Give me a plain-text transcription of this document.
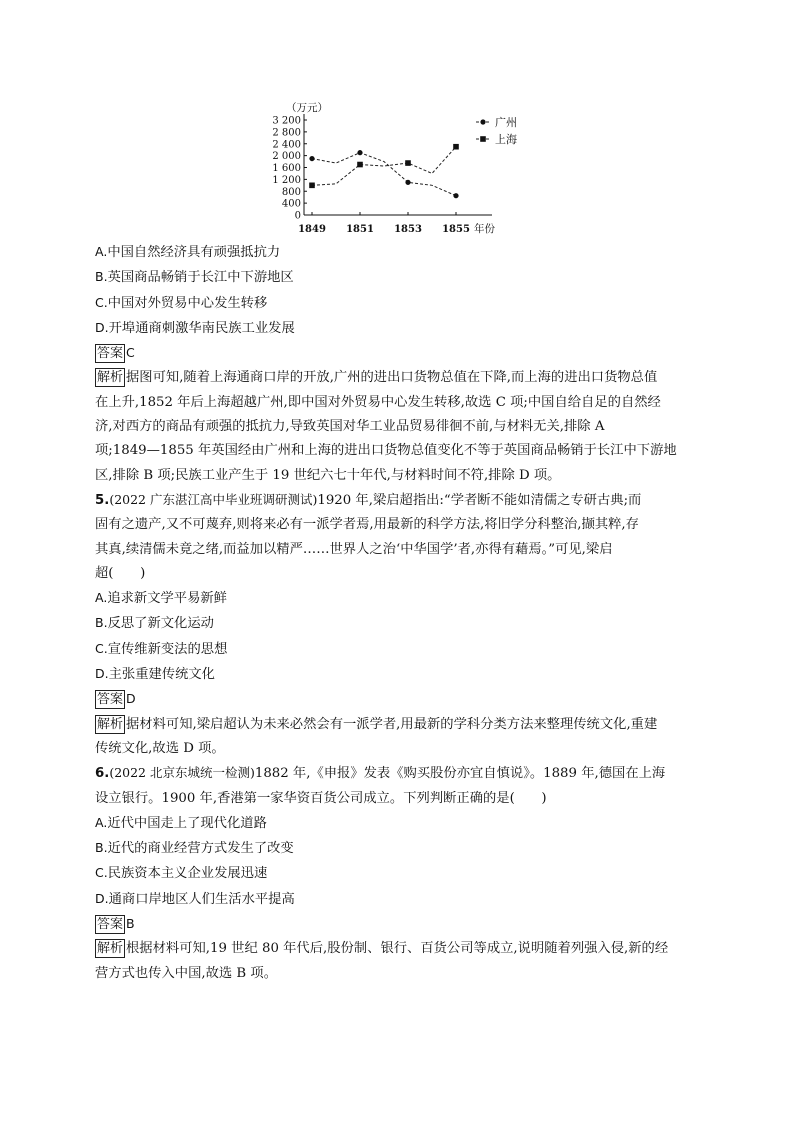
（万元）
0
400
800
1 200
1 600
2 000
2 400
2 800
3 200
1849 1851 1853 1855 年份
广州
上海
A.中国自然经济具有顽强抵抗力
B.英国商品畅销于长江中下游地区
C.中国对外贸易中心发生转移
D.开埠通商刺激华南民族工业发展
答案 C
解析 据图可知,随着上海通商口岸的开放,广州的进出口货物总值在下降,而上海的进出口货物总值
在上升,1852 年后上海超越广州,即中国对外贸易中心发生转移,故选 C 项;中国自给自足的自然经
济,对西方的商品有顽强的抵抗力,导致英国对华工业品贸易徘徊不前,与材料无关,排除 A
项;1849—1855 年英国经由广州和上海的进出口货物总值变化不等于英国商品畅销于长江中下游地
区,排除 B 项;民族工业产生于 19 世纪六七十年代,与材料时间不符,排除 D 项。
5.(2022 广东湛江高中毕业班调研测试)1920 年,梁启超指出:“学者断不能如清儒之专研古典;而
固有之遗产,又不可蔑弃,则将来必有一派学者焉,用最新的科学方法,将旧学分科整治,撷其粹,存
其真,续清儒未竟之绪,而益加以精严……世界人之治‘中华国学’者,亦得有藉焉。”可见,梁启
超(　　)
A.追求新文学平易新鲜
B.反思了新文化运动
C.宣传维新变法的思想
D.主张重建传统文化
答案 D
解析 据材料可知,梁启超认为未来必然会有一派学者,用最新的学科分类方法来整理传统文化,重建
传统文化,故选 D 项。
6.(2022 北京东城统一检测)1882 年,《申报》发表《购买股份亦宜自慎说》。1889 年,德国在上海
设立银行。1900 年,香港第一家华资百货公司成立。下列判断正确的是(　　)
A.近代中国走上了现代化道路
B.近代的商业经营方式发生了改变
C.民族资本主义企业发展迅速
D.通商口岸地区人们生活水平提高
答案 B
解析 根据材料可知,19 世纪 80 年代后,股份制、银行、百货公司等成立,说明随着列强入侵,新的经
营方式也传入中国,故选 B 项。
